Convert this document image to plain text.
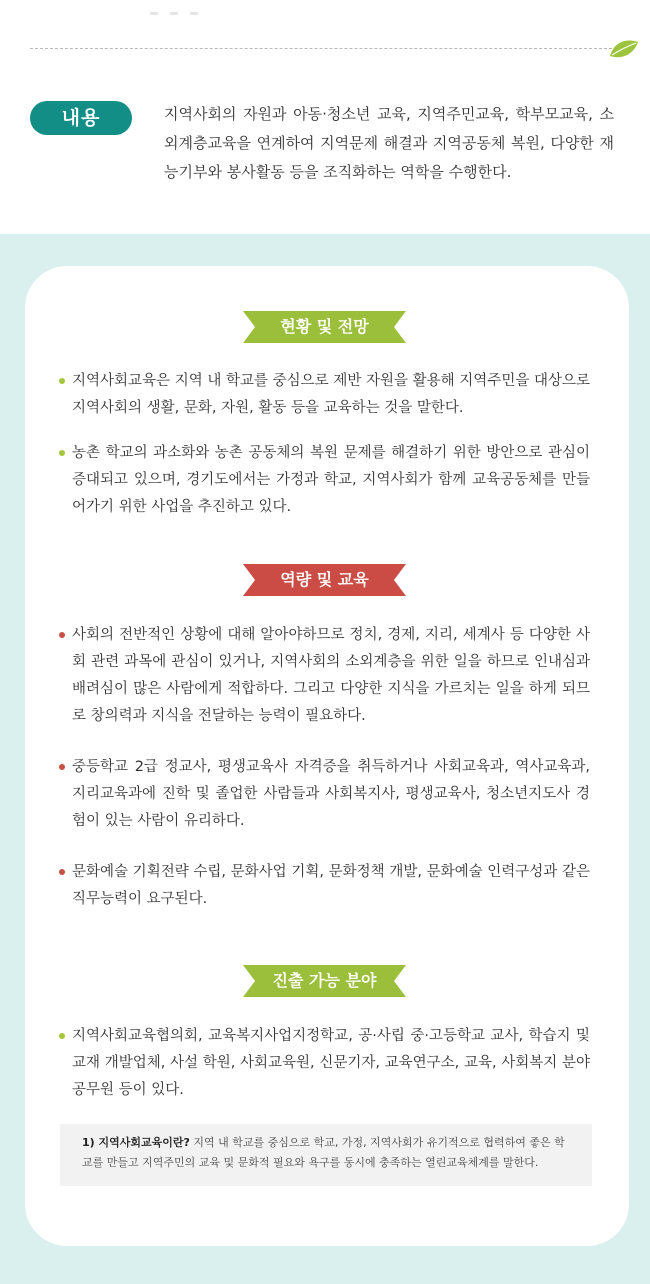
내용	지역사회의 자원과 아동·청소년 교육, 지역주민교육, 학부모교육, 소외계층교육을 연계하여 지역문제 해결과 지역공동체 복원, 다양한 재능기부와 봉사활동 등을 조직화하는 역학을 수행한다.

현황 및 전망
지역사회교육은 지역 내 학교를 중심으로 제반 자원을 활용해 지역주민을 대상으로 지역사회의 생활, 문화, 자원, 활동 등을 교육하는 것을 말한다.
농촌 학교의 과소화와 농촌 공동체의 복원 문제를 해결하기 위한 방안으로 관심이 증대되고 있으며, 경기도에서는 가정과 학교, 지역사회가 함께 교육공동체를 만들어가기 위한 사업을 추진하고 있다.
역량 및 교육
사회의 전반적인 상황에 대해 알아야하므로 정치, 경제, 지리, 세계사 등 다양한 사회 관련 과목에 관심이 있거나, 지역사회의 소외계층을 위한 일을 하므로 인내심과 배려심이 많은 사람에게 적합하다. 그리고 다양한 지식을 가르치는 일을 하게 되므로 창의력과 지식을 전달하는 능력이 필요하다.
중등학교 2급 정교사, 평생교육사 자격증을 취득하거나 사회교육과, 역사교육과, 지리교육과에 진학 및 졸업한 사람들과 사회복지사, 평생교육사, 청소년지도사 경험이 있는 사람이 유리하다.
문화예술 기획전략 수립, 문화사업 기획, 문화정책 개발, 문화예술 인력구성과 같은 직무능력이 요구된다.
진출 가능 분야
지역사회교육협의회, 교육복지사업지정학교, 공·사립 중·고등학교 교사, 학습지 및 교재 개발업체, 사설 학원, 사회교육원, 신문기자, 교육연구소, 교육, 사회복지 분야 공무원 등이 있다.
1) 지역사회교육이란? 지역 내 학교를 중심으로 학교, 가정, 지역사회가 유기적으로 협력하여 좋은 학교를 만들고 지역주민의 교육 및 문화적 필요와 욕구를 동시에 충족하는 열린교육체계를 말한다.
